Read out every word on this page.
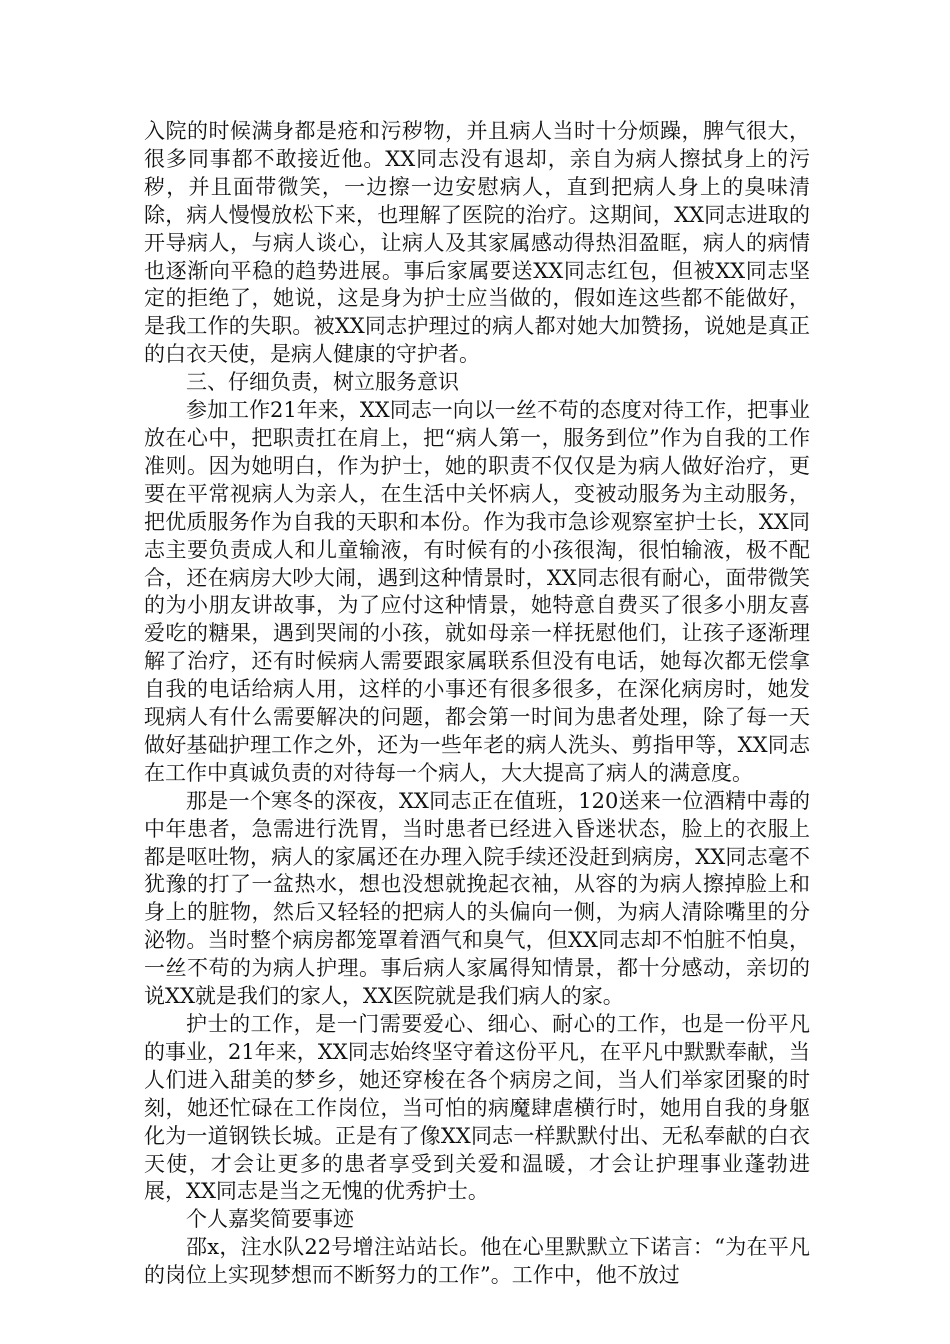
入院的时候满身都是疮和污秽物，并且病人当时十分烦躁，脾气很大，很多同事都不敢接近他。XX同志没有退却，亲自为病人擦拭身上的污秽，并且面带微笑，一边擦一边安慰病人，直到把病人身上的臭味清除，病人慢慢放松下来，也理解了医院的治疗。这期间，XX同志进取的开导病人，与病人谈心，让病人及其家属感动得热泪盈眶，病人的病情也逐渐向平稳的趋势进展。事后家属要送XX同志红包，但被XX同志坚定的拒绝了，她说，这是身为护士应当做的，假如连这些都不能做好，是我工作的失职。被XX同志护理过的病人都对她大加赞扬，说她是真正的白衣天使，是病人健康的守护者。

三、仔细负责，树立服务意识

参加工作21年来，XX同志一向以一丝不苟的态度对待工作，把事业放在心中，把职责扛在肩上，把“病人第一，服务到位”作为自我的工作准则。因为她明白，作为护士，她的职责不仅仅是为病人做好治疗，更要在平常视病人为亲人，在生活中关怀病人，变被动服务为主动服务，把优质服务作为自我的天职和本份。作为我市急诊观察室护士长，XX同志主要负责成人和儿童输液，有时候有的小孩很淘，很怕输液，极不配合，还在病房大吵大闹，遇到这种情景时，XX同志很有耐心，面带微笑的为小朋友讲故事，为了应付这种情景，她特意自费买了很多小朋友喜爱吃的糖果，遇到哭闹的小孩，就如母亲一样抚慰他们，让孩子逐渐理解了治疗，还有时候病人需要跟家属联系但没有电话，她每次都无偿拿自我的电话给病人用，这样的小事还有很多很多，在深化病房时，她发现病人有什么需要解决的问题，都会第一时间为患者处理，除了每一天做好基础护理工作之外，还为一些年老的病人洗头、剪指甲等，XX同志在工作中真诚负责的对待每一个病人，大大提高了病人的满意度。

那是一个寒冬的深夜，XX同志正在值班，120送来一位酒精中毒的中年患者，急需进行洗胃，当时患者已经进入昏迷状态，脸上的衣服上都是呕吐物，病人的家属还在办理入院手续还没赶到病房，XX同志毫不犹豫的打了一盆热水，想也没想就挽起衣袖，从容的为病人擦掉脸上和身上的脏物，然后又轻轻的把病人的头偏向一侧，为病人清除嘴里的分泌物。当时整个病房都笼罩着酒气和臭气，但XX同志却不怕脏不怕臭，一丝不苟的为病人护理。事后病人家属得知情景，都十分感动，亲切的说XX就是我们的家人，XX医院就是我们病人的家。

护士的工作，是一门需要爱心、细心、耐心的工作，也是一份平凡的事业，21年来，XX同志始终坚守着这份平凡，在平凡中默默奉献，当人们进入甜美的梦乡，她还穿梭在各个病房之间，当人们举家团聚的时刻，她还忙碌在工作岗位，当可怕的病魔肆虐横行时，她用自我的身躯化为一道钢铁长城。正是有了像XX同志一样默默付出、无私奉献的白衣天使，才会让更多的患者享受到关爱和温暖，才会让护理事业蓬勃进展，XX同志是当之无愧的优秀护士。

个人嘉奖简要事迹

邵x，注水队22号增注站站长。他在心里默默立下诺言：“为在平凡的岗位上实现梦想而不断努力的工作”。工作中，他不放过
